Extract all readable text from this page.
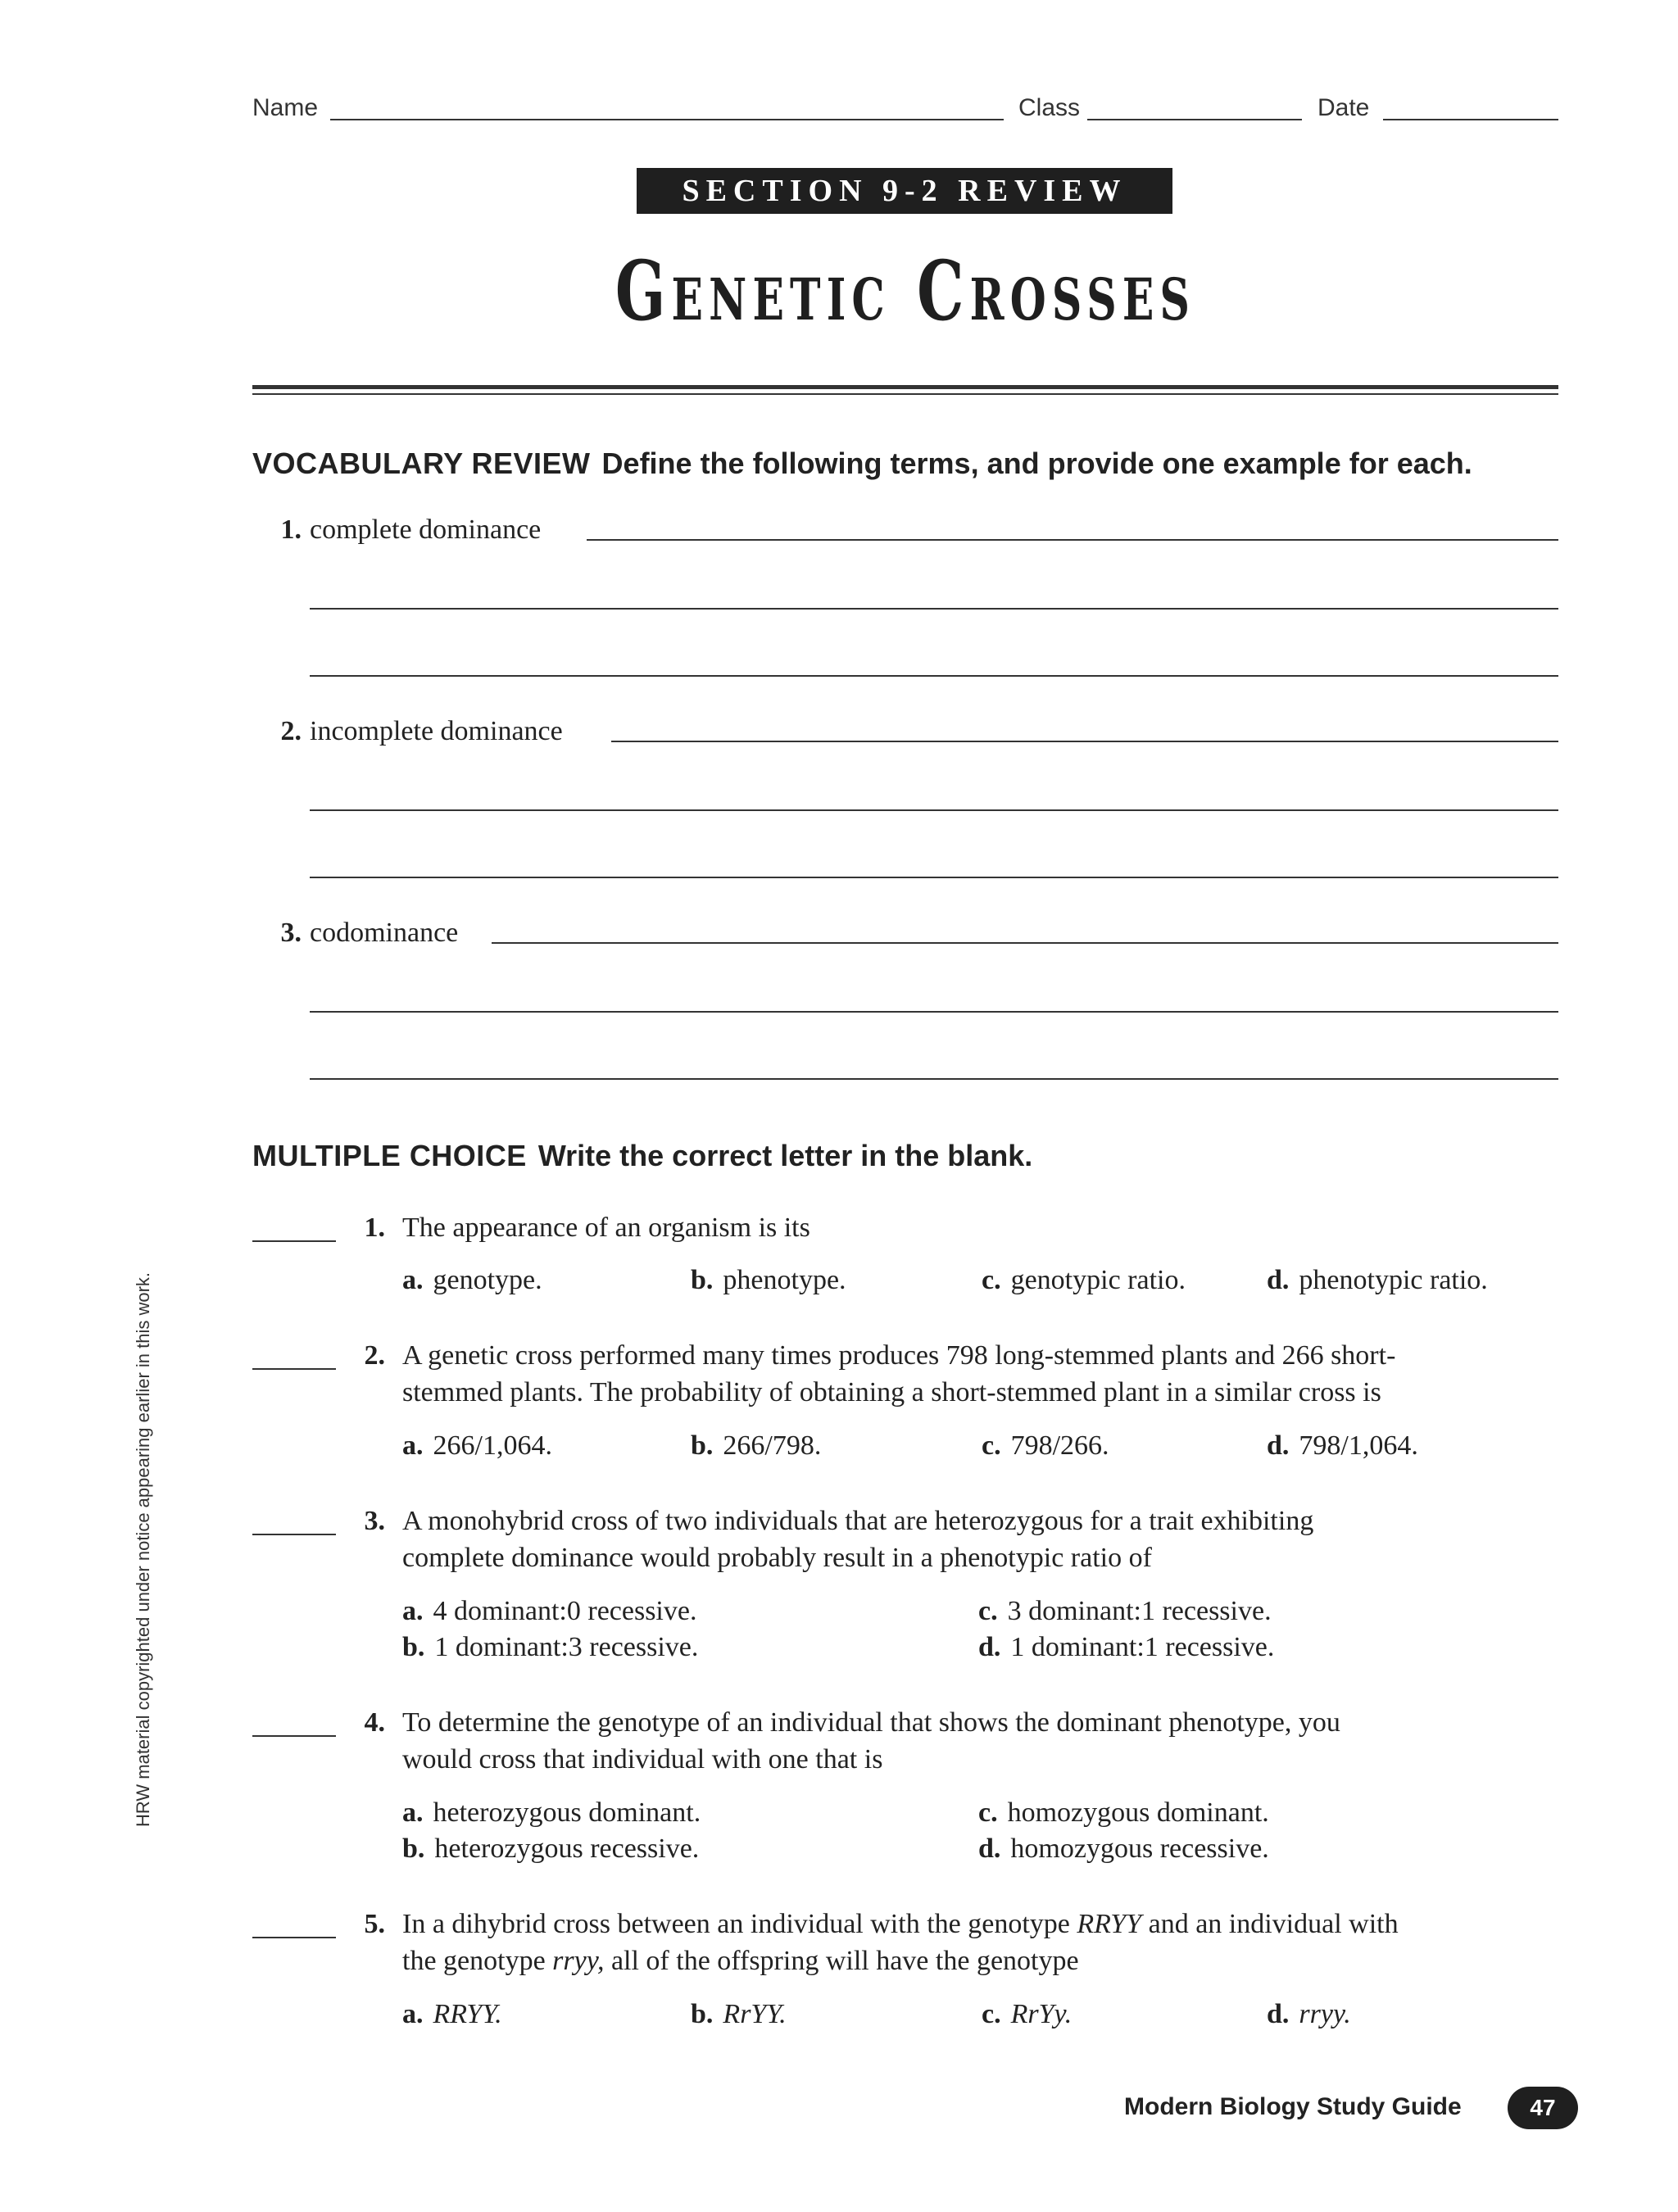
Name	Class	Date
SECTION 9-2 REVIEW
Genetic Crosses
VOCABULARY REVIEW Define the following terms, and provide one example for each.
1. complete dominance
2. incomplete dominance
3. codominance
MULTIPLE CHOICE Write the correct letter in the blank.
1. The appearance of an organism is its
a. genotype.	b. phenotype.	c. genotypic ratio.	d. phenotypic ratio.
2. A genetic cross performed many times produces 798 long-stemmed plants and 266 short-
stemmed plants. The probability of obtaining a short-stemmed plant in a similar cross is
a. 266/1,064.	b. 266/798.	c. 798/266.	d. 798/1,064.
3. A monohybrid cross of two individuals that are heterozygous for a trait exhibiting
complete dominance would probably result in a phenotypic ratio of
a. 4 dominant:0 recessive.
b. 1 dominant:3 recessive.
c. 3 dominant:1 recessive.
d. 1 dominant:1 recessive.
4. To determine the genotype of an individual that shows the dominant phenotype, you
would cross that individual with one that is
a. heterozygous dominant.
b. heterozygous recessive.
c. homozygous dominant.
d. homozygous recessive.
5. In a dihybrid cross between an individual with the genotype RRYY and an individual with
the genotype rryy, all of the offspring will have the genotype
a. RRYY.	b. RrYY.	c. RrYy.	d. rryy.
HRW material copyrighted under notice appearing earlier in this work.
Modern Biology Study Guide	47
